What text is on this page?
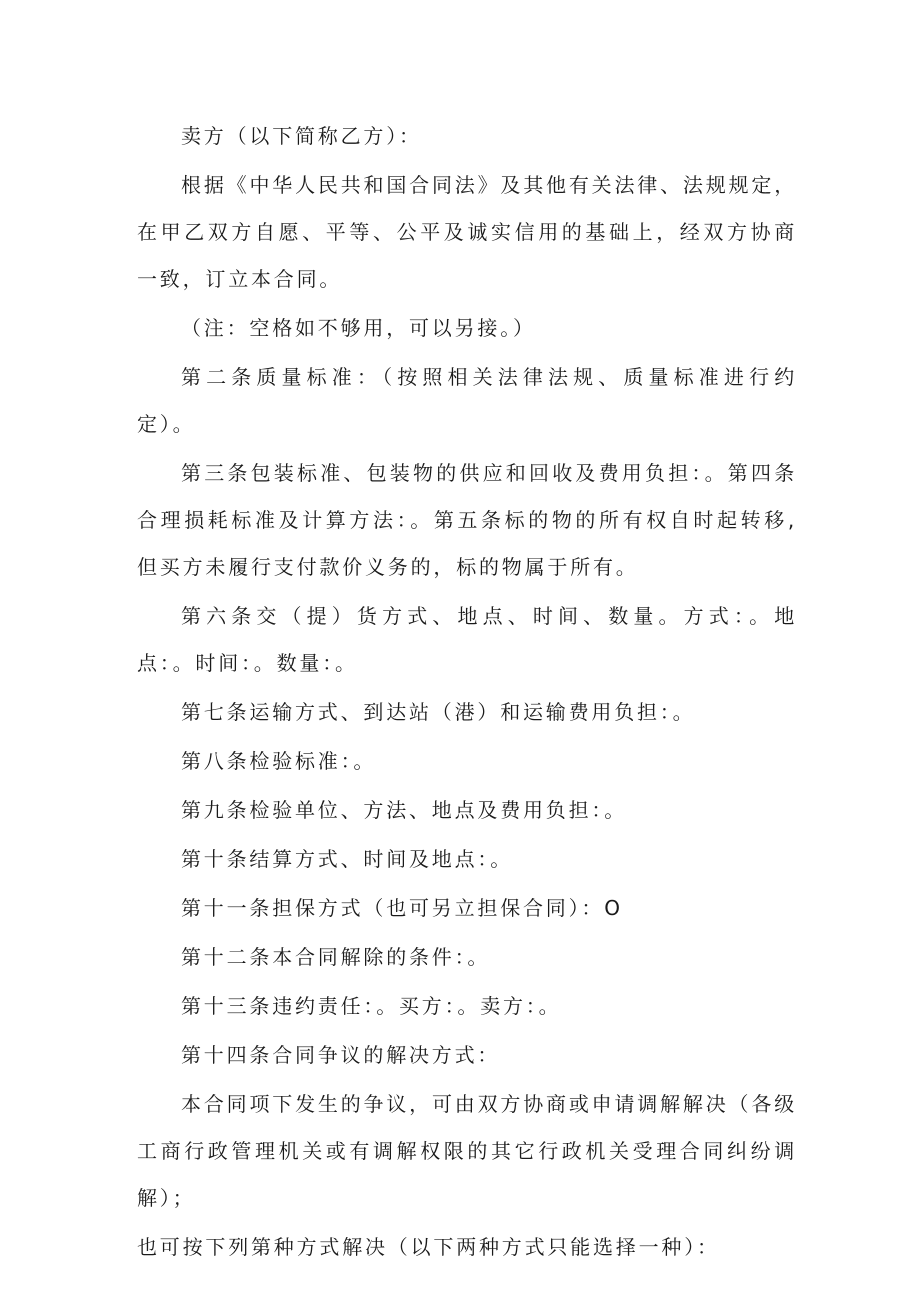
卖方（以下简称乙方）：

根据《中华人民共和国合同法》及其他有关法律、法规规定，在甲乙双方自愿、平等、公平及诚实信用的基础上，经双方协商一致，订立本合同。

（注：空格如不够用，可以另接。）

第二条质量标准：（按照相关法律法规、质量标准进行约定）。

第三条包装标准、包装物的供应和回收及费用负担：。第四条合理损耗标准及计算方法：。第五条标的物的所有权自时起转移,但买方未履行支付款价义务的，标的物属于所有。

第六条交（提）货方式、地点、时间、数量。方式：。地点：。时间：。数量：。

第七条运输方式、到达站（港）和运输费用负担：。

第八条检验标准：。

第九条检验单位、方法、地点及费用负担：。

第十条结算方式、时间及地点：。

第十一条担保方式（也可另立担保合同）：O

第十二条本合同解除的条件：。

第十三条违约责任：。买方：。卖方：。

第十四条合同争议的解决方式：

本合同项下发生的争议，可由双方协商或申请调解解决（各级工商行政管理机关或有调解权限的其它行政机关受理合同纠纷调解）；

也可按下列第种方式解决（以下两种方式只能选择一种）：
